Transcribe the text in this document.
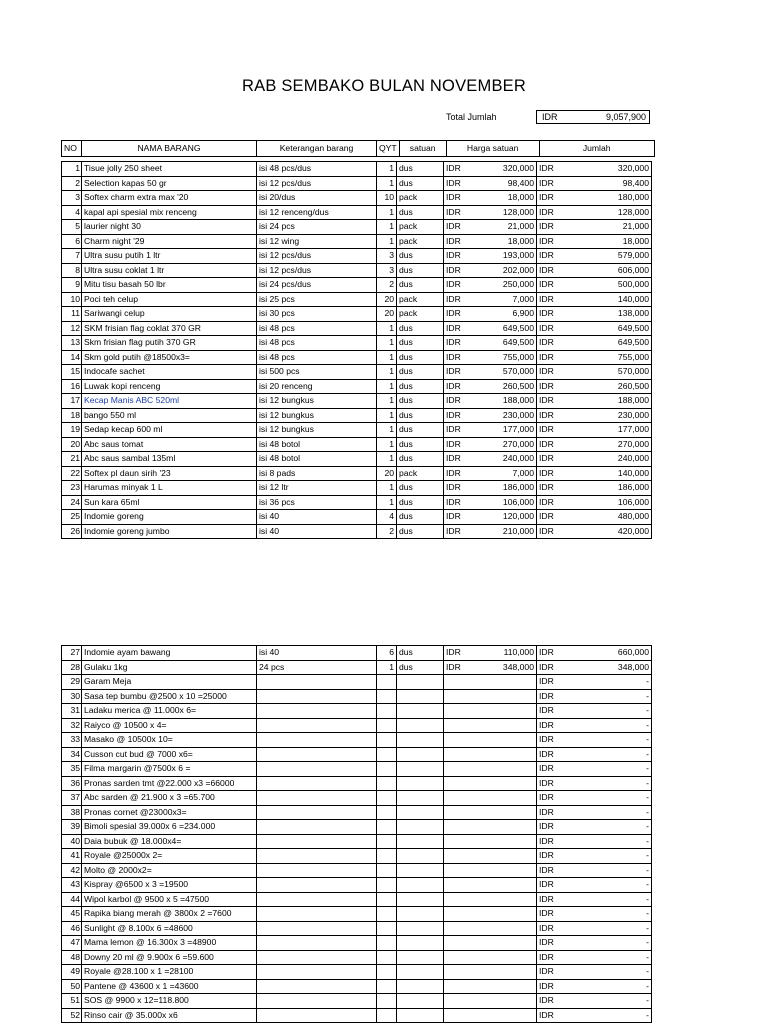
RAB SEMBAKO BULAN NOVEMBER
Total Jumlah	IDR	9,057,900
NO	NAMA BARANG	Keterangan barang	QYT	satuan	Harga satuan	Jumlah
1	Tisue jolly 250 sheet	isi 48 pcs/dus	1	dus	IDR	320,000	IDR	320,000
2	Selection kapas 50 gr	isi 12 pcs/dus	1	dus	IDR	98,400	IDR	98,400
3	Softex charm extra max '20	isi 20/dus	10	pack	IDR	18,000	IDR	180,000
4	kapal api spesial mix renceng	isi 12 renceng/dus	1	dus	IDR	128,000	IDR	128,000
5	laurier night 30	isi 24 pcs	1	pack	IDR	21,000	IDR	21,000
6	Charm night '29	isi 12 wing	1	pack	IDR	18,000	IDR	18,000
7	Ultra susu putih 1 ltr	isi 12 pcs/dus	3	dus	IDR	193,000	IDR	579,000
8	Ultra susu coklat 1 ltr	isi 12 pcs/dus	3	dus	IDR	202,000	IDR	606,000
9	Mitu tisu basah 50 lbr	isi 24 pcs/dus	2	dus	IDR	250,000	IDR	500,000
10	Poci teh celup	isi 25 pcs	20	pack	IDR	7,000	IDR	140,000
11	Sariwangi celup	isi 30 pcs	20	pack	IDR	6,900	IDR	138,000
12	SKM frisian flag coklat 370 GR	isi 48 pcs	1	dus	IDR	649,500	IDR	649,500
13	Skm frisian flag putih 370 GR	isi 48 pcs	1	dus	IDR	649,500	IDR	649,500
14	Skm gold putih @18500x3=	isi 48 pcs	1	dus	IDR	755,000	IDR	755,000
15	Indocafe sachet	isi 500 pcs	1	dus	IDR	570,000	IDR	570,000
16	Luwak kopi renceng	isi 20 renceng	1	dus	IDR	260,500	IDR	260,500
17	Kecap Manis ABC 520ml	isi 12 bungkus	1	dus	IDR	188,000	IDR	188,000
18	bango 550 ml	isi 12 bungkus	1	dus	IDR	230,000	IDR	230,000
19	Sedap kecap 600 ml	isi 12 bungkus	1	dus	IDR	177,000	IDR	177,000
20	Abc saus tomat	isi 48 botol	1	dus	IDR	270,000	IDR	270,000
21	Abc saus sambal 135ml	isi 48 botol	1	dus	IDR	240,000	IDR	240,000
22	Softex pl daun sirih '23	isi 8 pads	20	pack	IDR	7,000	IDR	140,000
23	Harumas minyak 1 L	isi 12 ltr	1	dus	IDR	186,000	IDR	186,000
24	Sun kara 65ml	isi 36 pcs	1	dus	IDR	106,000	IDR	106,000
25	Indomie goreng	isi 40	4	dus	IDR	120,000	IDR	480,000
26	Indomie goreng jumbo	isi 40	2	dus	IDR	210,000	IDR	420,000
27	Indomie ayam bawang	isi 40	6	dus	IDR	110,000	IDR	660,000
28	Gulaku 1kg	24 pcs	1	dus	IDR	348,000	IDR	348,000
29	Garam Meja						IDR	-
30	Sasa tep bumbu @2500 x 10 =25000						IDR	-
31	Ladaku merica @ 11.000x 6=						IDR	-
32	Raiyco @ 10500 x 4=						IDR	-
33	Masako @ 10500x 10=						IDR	-
34	Cusson cut bud @ 7000 x6=						IDR	-
35	Filma margarin @7500x 6 =						IDR	-
36	Pronas sarden tmt @22.000 x3 =66000						IDR	-
37	Abc sarden @ 21.900 x 3 =65.700						IDR	-
38	Pronas cornet @23000x3=						IDR	-
39	Bimoli spesial 39.000x 6 =234.000						IDR	-
40	Daia bubuk @ 18.000x4=						IDR	-
41	Royale @25000x 2=						IDR	-
42	Molto @ 2000x2=						IDR	-
43	Kispray @6500 x 3 =19500						IDR	-
44	Wipol karbol @ 9500 x 5 =47500						IDR	-
45	Rapika biang merah @ 3800x 2 =7600						IDR	-
46	Sunlight @ 8.100x 6 =48600						IDR	-
47	Mama lemon @ 16.300x 3 =48900						IDR	-
48	Downy 20 ml @ 9.900x 6 =59.600						IDR	-
49	Royale @28.100 x 1 =28100						IDR	-
50	Pantene @ 43600 x 1 =43600						IDR	-
51	SOS @ 9900 x 12=118.800						IDR	-
52	Rinso cair @ 35.000x x6						IDR	-
